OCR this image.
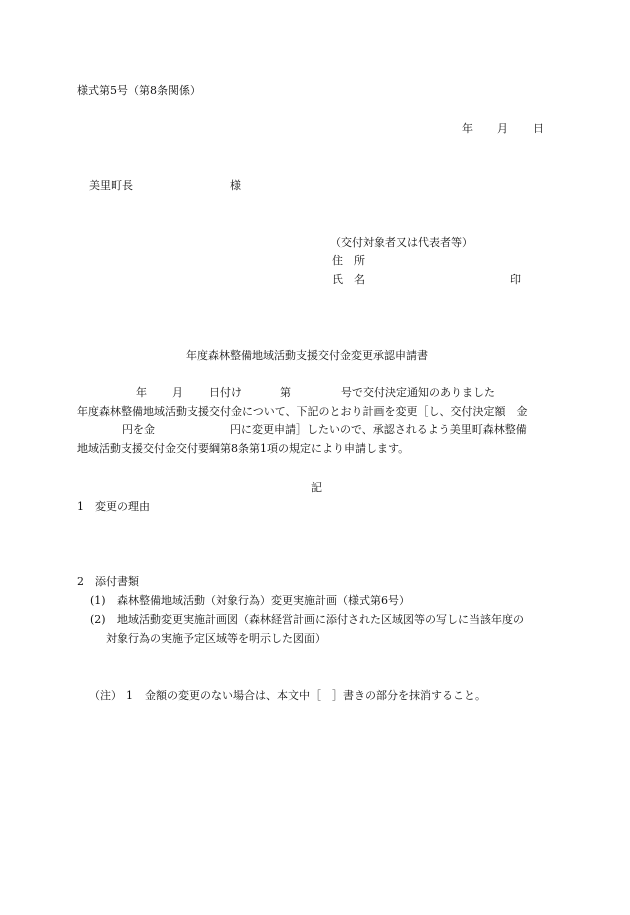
様式第5号（第8条関係）
年 月 日
美里町長	様
（交付対象者又は代表者等）
住　所
氏　名	印
年度森林整備地域活動支援交付金変更承認申請書
年 月 日付け	第	号で交付決定通知のありました
年度森林整備地域活動支援交付金について、下記のとおり計画を変更［し、交付決定額　金
円を金	円に変更申請］したいので、承認されるよう美里町森林整備
地域活動支援交付金交付要綱第8条第1項の規定により申請します。
記
1 変更の理由
2 添付書類
(1) 森林整備地域活動（対象行為）変更実施計画（様式第6号）
(2) 地域活動変更実施計画図（森林経営計画に添付された区域図等の写しに当該年度の
対象行為の実施予定区域等を明示した図面）
（注） 1 金額の変更のない場合は、本文中［　］書きの部分を抹消すること。
